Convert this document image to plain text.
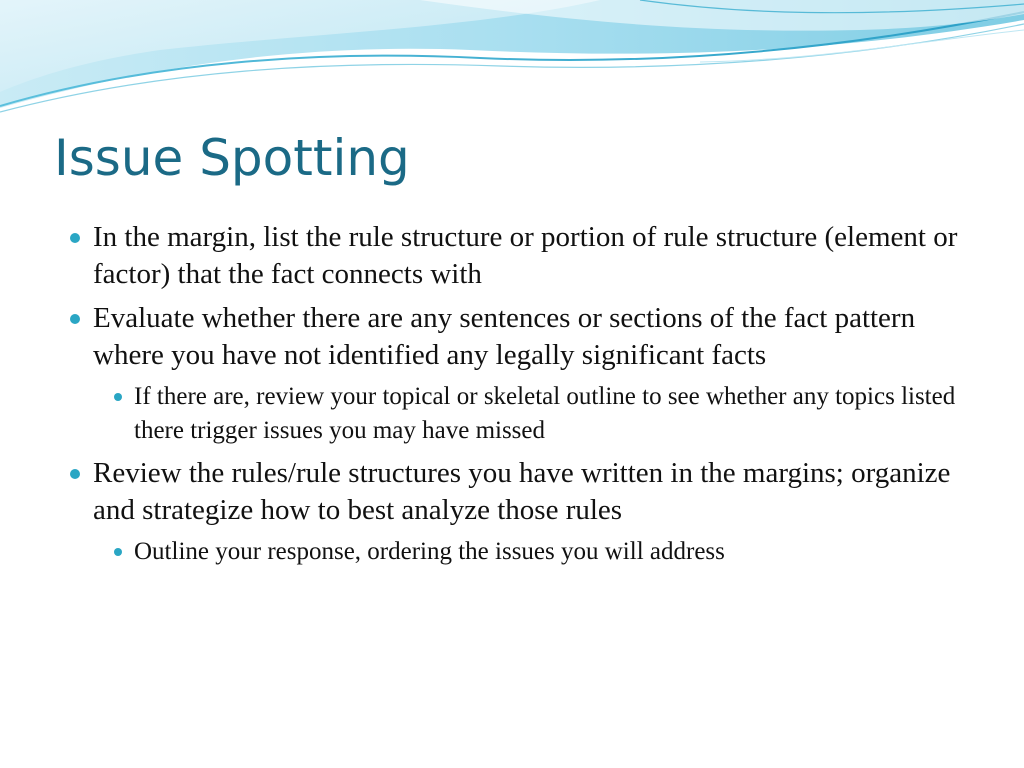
Issue Spotting
In the margin, list the rule structure or portion of rule structure (element or factor) that the fact connects with
Evaluate whether there are any sentences or sections of the fact pattern where you have not identified any legally significant facts
If there are, review your topical or skeletal outline to see whether any topics listed there trigger issues you may have missed
Review the rules/rule structures you have written in the margins; organize and strategize how to best analyze those rules
Outline your response, ordering the issues you will address
